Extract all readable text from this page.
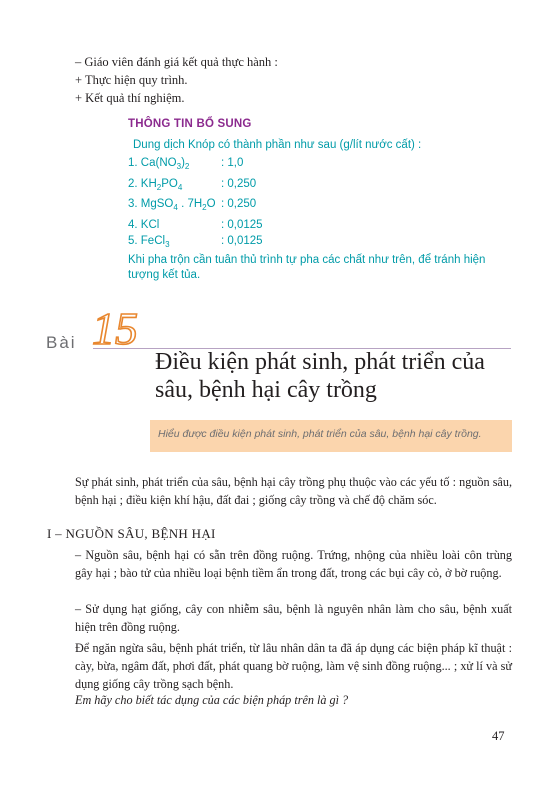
– Giáo viên đánh giá kết quả thực hành :
+ Thực hiện quy trình.
+ Kết quả thí nghiệm.
THÔNG TIN BỔ SUNG
Dung dịch Knóp có thành phần như sau (g/lít nước cất) :
1. $Ca(NO_3)_2$	: 1,0
2. $KH_2PO_4$	: 0,250
3. MgSO$_4$ . $7H_2O$ : 0,250
4. KCl	: 0,0125
5. FeCl$_3$	: 0,0125
Khi pha trộn cần tuân thủ trình tự pha các chất như trên, để tránh hiện tượng kết tủa.
Bài 15
Điều kiện phát sinh, phát triển của sâu, bệnh hại cây trồng
Hiểu được điều kiện phát sinh, phát triển của sâu, bệnh hại cây trồng.
Sự phát sinh, phát triển của sâu, bệnh hại cây trồng phụ thuộc vào các yếu tố : nguồn sâu, bệnh hại ; điều kiện khí hậu, đất đai ; giống cây trồng và chế độ chăm sóc.
I – NGUỒN SÂU, BỆNH HẠI
– Nguồn sâu, bệnh hại có sẵn trên đồng ruộng. Trứng, nhộng của nhiều loài côn trùng gây hại ; bào tử của nhiều loại bệnh tiềm ẩn trong đất, trong các bụi cây cỏ, ở bờ ruộng.
– Sử dụng hạt giống, cây con nhiễm sâu, bệnh là nguyên nhân làm cho sâu, bệnh xuất hiện trên đồng ruộng.
Để ngăn ngừa sâu, bệnh phát triển, từ lâu nhân dân ta đã áp dụng các biện pháp kĩ thuật : cày, bừa, ngâm đất, phơi đất, phát quang bờ ruộng, làm vệ sinh đồng ruộng... ; xử lí và sử dụng giống cây trồng sạch bệnh.
Em hãy cho biết tác dụng của các biện pháp trên là gì ?
47
